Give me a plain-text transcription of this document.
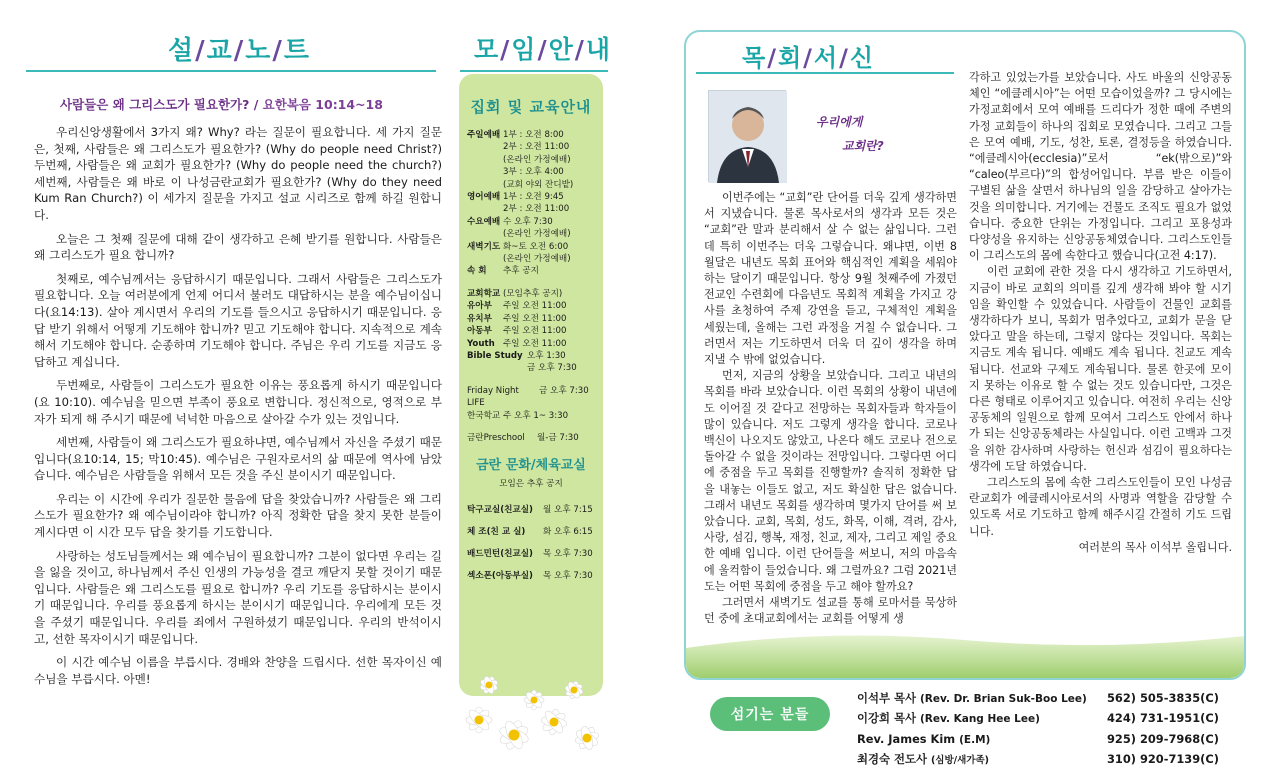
설/교/노/트
사람들은 왜 그리스도가 필요한가? / 요한복음 10:14~18

우리신앙생활에서 3가지 왜? Why? 라는 질문이 필요합니다. 세 가지 질문은, 첫째, 사람들은 왜 그리스도가 필요한가? (Why do people need Christ?) 두번째, 사람들은 왜 교회가 필요한가? (Why do people need the church?) 세번째, 사람들은 왜 바로 이 나성금란교회가 필요한가? (Why do they need Kum Ran Church?) 이 세가지 질문을 가지고 설교 시리즈로 함께 하길 원합니다.

오늘은 그 첫째 질문에 대해 같이 생각하고 은혜 받기를 원합니다. 사람들은 왜 그리스도가 필요 합니까?

첫째로, 예수님께서는 응답하시기 때문입니다. 그래서 사람들은 그리스도가 필요합니다. 오늘 여러분에게 언제 어디서 불러도 대답하시는 분을 예수님이십니다(요14:13). 살아 계시면서 우리의 기도를 들으시고 응답하시기 때문입니다. 응답 받기 위해서 어떻게 기도해야 합니까? 믿고 기도해야 합니다. 지속적으로 계속해서 기도해야 합니다. 순종하며 기도해야 합니다. 주님은 우리 기도를 지금도 응답하고 계십니다.

두번째로, 사람들이 그리스도가 필요한 이유는 풍요롭게 하시기 때문입니다(요 10:10). 예수님을 믿으면 부족이 풍요로 변합니다. 정신적으로, 영적으로 부자가 되게 해 주시기 때문에 넉넉한 마음으로 살아갈 수가 있는 것입니다.

세번째, 사람들이 왜 그리스도가 필요하냐면, 예수님께서 자신을 주셨기 때문입니다(요10:14, 15; 막10:45). 예수님은 구원자로서의 삶 때문에 역사에 남았습니다. 예수님은 사람들을 위해서 모든 것을 주신 분이시기 때문입니다.

우리는 이 시간에 우리가 질문한 물음에 답을 찾았습니까? 사람들은 왜 그리스도가 필요한가? 왜 예수님이라야 합니까? 아직 정확한 답을 찾지 못한 분들이 계시다면 이 시간 모두 답을 찾기를 기도합니다.

사랑하는 성도님들께서는 왜 예수님이 필요합니까? 그분이 없다면 우리는 길을 잃을 것이고, 하나님께서 주신 인생의 가능성을 결코 깨닫지 못할 것이기 때문입니다. 사람들은 왜 그리스도를 필요로 합니까? 우리 기도를 응답하시는 분이시기 때문입니다. 우리를 풍요롭게 하시는 분이시기 때문입니다. 우리에게 모든 것을 주셨기 때문입니다. 우리를 죄에서 구원하셨기 때문입니다. 우리의 반석이시고, 선한 목자이시기 때문입니다.

이 시간 예수님 이름을 부릅시다. 경배와 찬양을 드립시다. 선한 목자이신 예수님을 부릅시다. 아멘!

모/임/안/내
집회 및 교육안내
주일예배 1부 : 오전 8:00
2부 : 오전 11:00
(온라인 가정예배)
3부 : 오후 4:00
(교회 야외 잔디밭)
영어예배 1부 : 오전 9:45
2부 : 오전 11:00
수요예배 수 오후 7:30
(온라인 가정예배)
새벽기도 화~토 오전 6:00
(온라인 가정예배)
속 회	추후 공지
교회학교 (모임추후 공지)
유아부	주일 오전 11:00
유치부	주일 오전 11:00
아동부	주일 오전 11:00
Youth 주일 오전 11:00
Bible Study 오후 1:30
금 오후 7:30
Friday Night LIFE
금 오후 7:30
한국학교 주 오후 1~ 3:30
금란Preschool	월-금 7:30
금란 문화/체육교실
모임은 추후 공지
탁구교실(친교실)	월 오후 7:15
체 조(친 교 실)	화 오후 6:15
배드민턴(친교실)	목 오후 7:30
섹소폰(아동부실)	목 오후 7:30
목/회/서/신
우리에게
교회란?

이번주에는 “교회”란 단어를 더욱 깊게 생각하면서 지냈습니다. 물론 목사로서의 생각과 모든 것은 “교회”란 말과 분리해서 살 수 없는 삶입니다. 그런데 특히 이번주는 더욱 그렇습니다. 왜냐면, 이번 8월달은 내년도 목회 표어와 핵심적인 계획을 세워야 하는 달이기 때문입니다. 항상 9월 첫째주에 가졌던 전교인 수련회에 다음년도 목회적 계획을 가지고 강사를 초청하여 주제 강연을 듣고, 구체적인 계획을 세웠는데, 올해는 그런 과정을 거칠 수 없습니다. 그러면서 저는 기도하면서 더욱 더 깊이 생각을 하며 지낼 수 밖에 없었습니다.

먼저, 지금의 상황을 보았습니다. 그리고 내년의 목회를 바라 보았습니다. 이런 목회의 상황이 내년에도 이어질 것 같다고 전망하는 목회자들과 학자들이 많이 있습니다. 저도 그렇게 생각을 합니다. 코로나 백신이 나오지도 않았고, 나온다 해도 코로나 전으로 돌아갈 수 없을 것이라는 전망입니다. 그렇다면 어디에 중점을 두고 목회를 진행할까? 솔직히 정확한 답을 내놓는 이들도 없고, 저도 확실한 답은 없습니다. 그래서 내년도 목회를 생각하며 몇가지 단어를 써 보았습니다. 교회, 목회, 성도, 화목, 이해, 격려, 감사, 사랑, 섬김, 행복, 재정, 친교, 제자, 그리고 제일 중요한 예배 입니다. 이런 단어들을 써보니, 저의 마음속에 울컥함이 들었습니다. 왜 그럴까요? 그럼 2021년도는 어떤 목회에 중점을 두고 해야 할까요?

그러면서 새벽기도 설교를 통해 로마서를 묵상하던 중에 초대교회에서는 교회를 어떻게 생

각하고 있었는가를 보았습니다. 사도 바울의 신앙공동체인 “에클레시아”는 어떤 모습이었을까? 그 당시에는 가정교회에서 모여 예배를 드리다가 정한 때에 주변의 가정 교회들이 하나의 집회로 모였습니다. 그리고 그들은 모여 예배, 기도, 성찬, 토론, 결정등을 하였습니다. “에클레시아(ecclesia)”로서 “ek(밖으로)”와 “caleo(부르다)”의 합성어입니다. 부름 받은 이들이 구별된 삶을 살면서 하나님의 일을 감당하고 살아가는 것을 의미합니다. 거기에는 건물도 조직도 필요가 없었습니다. 중요한 단위는 가정입니다. 그리고 포용성과 다양성을 유지하는 신앙공동체였습니다. 그리스도인들이 그리스도의 몸에 속한다고 했습니다(고전 4:17).

이런 교회에 관한 것을 다시 생각하고 기도하면서, 지금이 바로 교회의 의미를 깊게 생각해 봐야 할 시기임을 확인할 수 있었습니다. 사람들이 건물인 교회를 생각하다가 보니, 목회가 멈추었다고, 교회가 문을 닫았다고 말을 하는데, 그렇지 않다는 것입니다. 목회는 지금도 계속 됩니다. 예배도 계속 됩니다. 친교도 계속 됩니다. 선교와 구제도 계속됩니다. 물론 한곳에 모이지 못하는 이유로 할 수 없는 것도 있습니다만, 그것은 다른 형태로 이루어지고 있습니다. 여전히 우리는 신앙공동체의 일원으로 함께 모여서 그리스도 안에서 하나가 되는 신앙공동체라는 사실입니다. 이런 고백과 그것을 위한 감사하며 사랑하는 헌신과 섬김이 필요하다는 생각에 도달 하였습니다.

그리스도의 몸에 속한 그리스도인들이 모인 나성금란교회가 에클레시아로서의 사명과 역할을 감당할 수 있도록 서로 기도하고 함께 해주시길 간절히 기도 드립니다.

여러분의 목사 이석부 올립니다.

섬기는 분들
이석부 목사 (Rev. Dr. Brian Suk-Boo Lee)	562) 505-3835(C)
이강희 목사 (Rev. Kang Hee Lee)	424) 731-1951(C)
Rev. James Kim (E.M)	925) 209-7968(C)
최경숙 전도사 (심방/새가족)	310) 920-7139(C)
